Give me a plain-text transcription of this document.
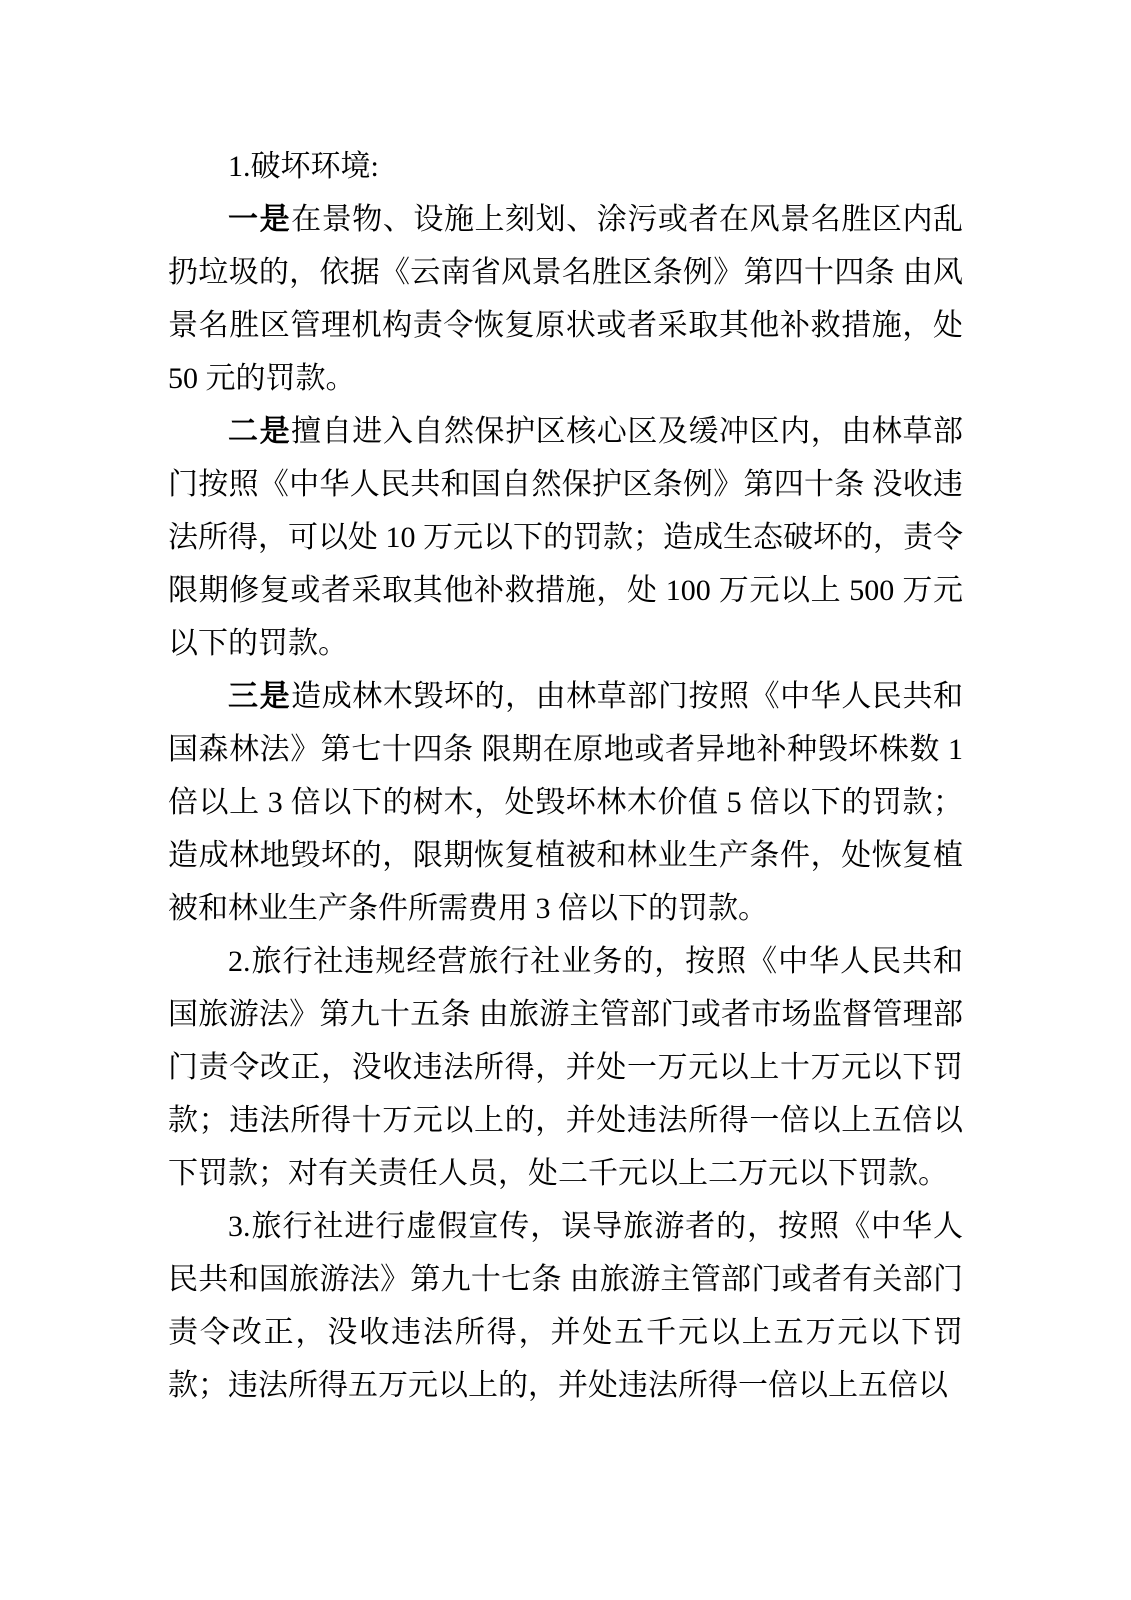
1.破坏环境:

一是在景物、设施上刻划、涂污或者在风景名胜区内乱扔垃圾的，依据《云南省风景名胜区条例》第四十四条 由风景名胜区管理机构责令恢复原状或者采取其他补救措施，处 50 元的罚款。

二是擅自进入自然保护区核心区及缓冲区内，由林草部门按照《中华人民共和国自然保护区条例》第四十条 没收违法所得，可以处 10 万元以下的罚款；造成生态破坏的，责令限期修复或者采取其他补救措施，处 100 万元以上 500 万元以下的罚款。

三是造成林木毁坏的，由林草部门按照《中华人民共和国森林法》第七十四条 限期在原地或者异地补种毁坏株数 1 倍以上 3 倍以下的树木，处毁坏林木价值 5 倍以下的罚款；造成林地毁坏的，限期恢复植被和林业生产条件，处恢复植被和林业生产条件所需费用 3 倍以下的罚款。

2.旅行社违规经营旅行社业务的，按照《中华人民共和国旅游法》第九十五条 由旅游主管部门或者市场监督管理部门责令改正，没收违法所得，并处一万元以上十万元以下罚款；违法所得十万元以上的，并处违法所得一倍以上五倍以下罚款；对有关责任人员，处二千元以上二万元以下罚款。

3.旅行社进行虚假宣传，误导旅游者的，按照《中华人民共和国旅游法》第九十七条 由旅游主管部门或者有关部门责令改正，没收违法所得，并处五千元以上五万元以下罚款；违法所得五万元以上的，并处违法所得一倍以上五倍以
